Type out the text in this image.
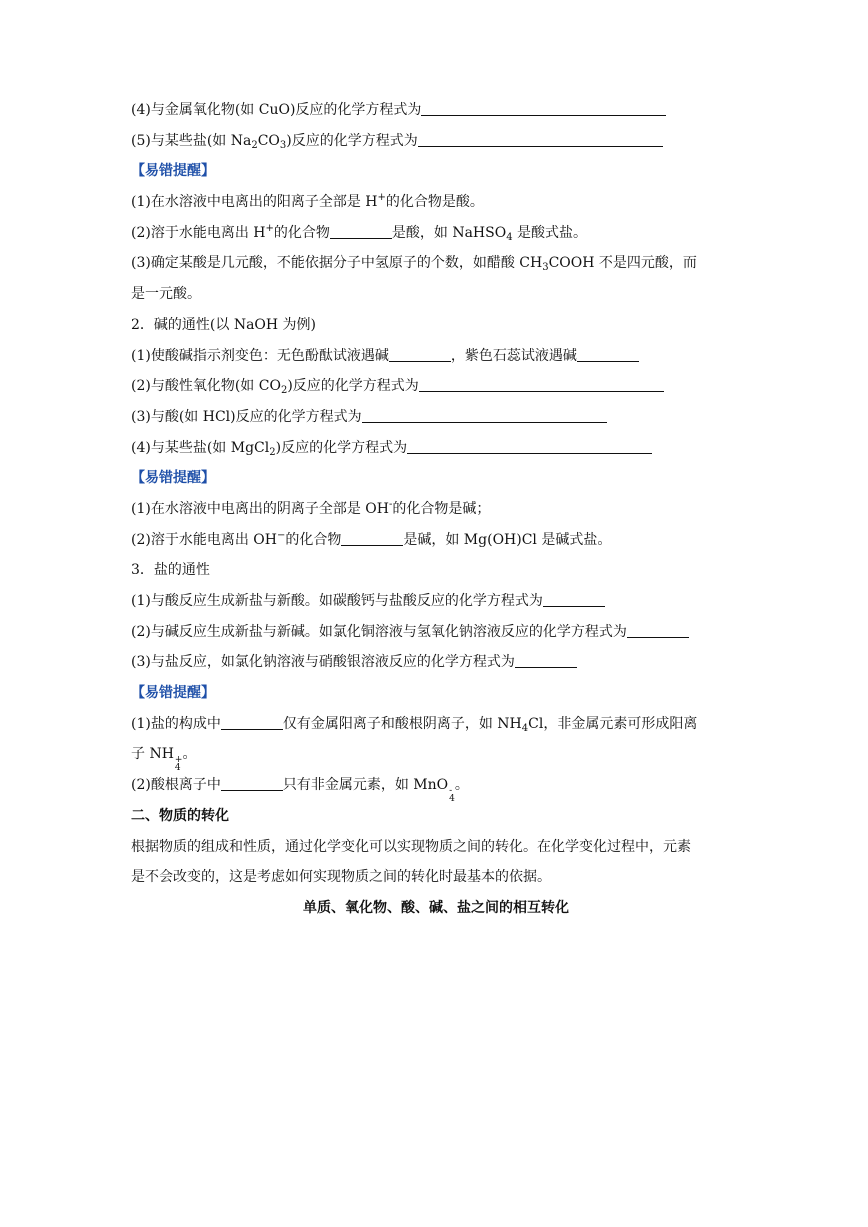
(4)与金属氧化物(如 CuO)反应的化学方程式为
(5)与某些盐(如 $Na_2CO_3$)反应的化学方程式为
【易错提醒】
(1)在水溶液中电离出的阳离子全部是 H+的化合物是酸。
(2)溶于水能电离出 H+的化合物	是酸，如 NaHSO$_4$ 是酸式盐。
(3)确定某酸是几元酸，不能依据分子中氢原子的个数，如醋酸 $CH_3COOH$ 不是四元酸，而
是一元酸。
2．碱的通性(以 NaOH 为例)
(1)使酸碱指示剂变色：无色酚酞试液遇碱	，紫色石蕊试液遇碱
(2)与酸性氧化物(如 $CO_2$)反应的化学方程式为
(3)与酸(如 HCl)反应的化学方程式为
(4)与某些盐(如 MgCl$_2$)反应的化学方程式为
【易错提醒】
(1)在水溶液中电离出的阴离子全部是 OH-的化合物是碱；
(2)溶于水能电离出 OH−的化合物	是碱，如 Mg(OH)Cl 是碱式盐。
3．盐的通性
(1)与酸反应生成新盐与新酸。如碳酸钙与盐酸反应的化学方程式为
(2)与碱反应生成新盐与新碱。如氯化铜溶液与氢氧化钠溶液反应的化学方程式为
(3)与盐反应，如氯化钠溶液与硝酸银溶液反应的化学方程式为
【易错提醒】
(1)盐的构成中	仅有金属阳离子和酸根阴离子，如 $NH_4Cl$，非金属元素可形成阳离
子 NH +
4
。
(2)酸根离子中	只有非金属元素，如 MnO -
4
。
二、物质的转化
根据物质的组成和性质，通过化学变化可以实现物质之间的转化。在化学变化过程中，元素
是不会改变的，这是考虑如何实现物质之间的转化时最基本的依据。
单质、氧化物、酸、碱、盐之间的相互转化
